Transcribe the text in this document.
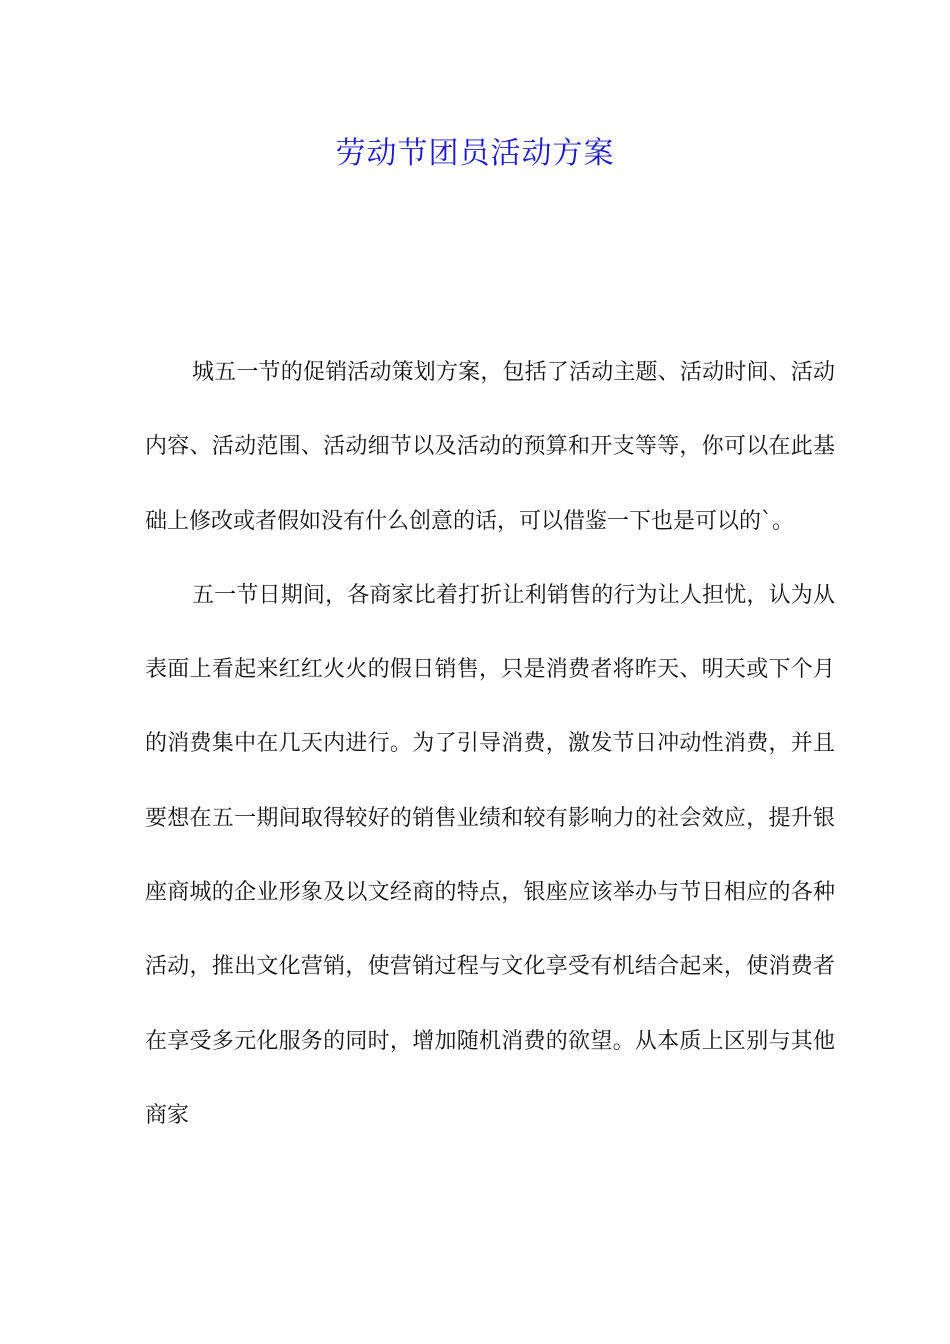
劳动节团员活动方案

城五一节的促销活动策划方案，包括了活动主题、活动时间、活动内容、活动范围、活动细节以及活动的预算和开支等等，你可以在此基础上修改或者假如没有什么创意的话，可以借鉴一下也是可以的`。

五一节日期间，各商家比着打折让利销售的行为让人担忧，认为从表面上看起来红红火火的假日销售，只是消费者将昨天、明天或下个月的消费集中在几天内进行。为了引导消费，激发节日冲动性消费，并且要想在五一期间取得较好的销售业绩和较有影响力的社会效应，提升银座商城的企业形象及以文经商的特点，银座应该举办与节日相应的各种活动，推出文化营销，使营销过程与文化享受有机结合起来，使消费者在享受多元化服务的同时，增加随机消费的欲望。从本质上区别与其他商家
